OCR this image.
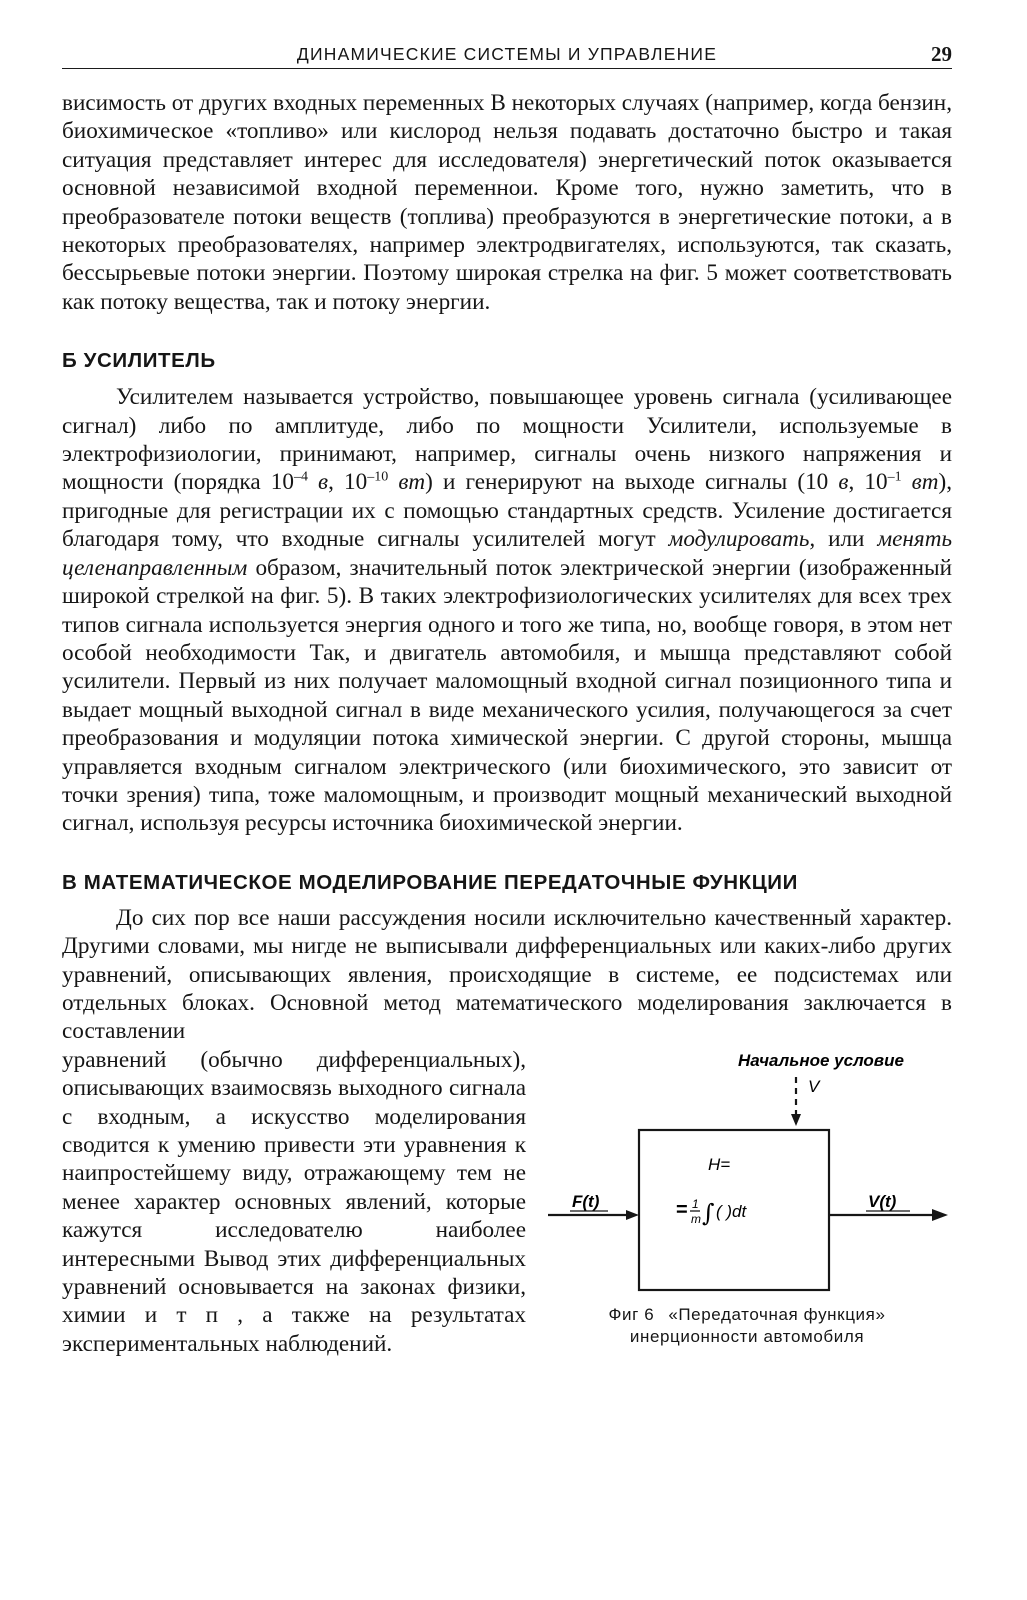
ДИНАМИЧЕСКИЕ СИСТЕМЫ И УПРАВЛЕНИЕ	29

висимость от других входных переменных В некоторых случаях (например, когда бензин, биохимическое «топливо» или кислород нельзя подавать достаточно быстро и такая ситуация представляет интерес для исследователя) энергетический поток оказывается основной независимой входной переменнои. Кроме того, нужно заметить, что в преобразователе потоки веществ (топлива) преобразуются в энергетические потоки, а в некоторых преобразователях, например электродвигателях, используются, так сказать, бессырьевые потоки энергии. Поэтому широкая стрелка на фиг. 5 может соответствовать как потоку вещества, так и потоку энергии.

Б УСИЛИТЕЛЬ

Усилителем называется устройство, повышающее уровень сигнала (усиливающее сигнал) либо по амплитуде, либо по мощности Усилители, используемые в электрофизиологии, принимают, например, сигналы очень низкого напряжения и мощности (порядка $10^{-4}$ в, $10^{-10}$ вт) и генерируют на выходе сигналы (10 в, $10^{-1}$ вт), пригодные для регистрации их с помощью стандартных средств. Усиление достигается благодаря тому, что входные сигналы усилителей могут модулировать, или менять целенаправленным образом, значительный поток электрической энергии (изображенный широкой стрелкой на фиг. 5). В таких электрофизиологических усилителях для всех трех типов сигнала используется энергия одного и того же типа, но, вообще говоря, в этом нет особой необходимости Так, и двигатель автомобиля, и мышца представляют собой усилители. Первый из них получает маломощный входной сигнал позиционного типа и выдает мощный выходной сигнал в виде механического усилия, получающегося за счет преобразования и модуляции потока химической энергии. С другой стороны, мышца управляется входным сигналом электрического (или биохимического, это зависит от точки зрения) типа, тоже маломощным, и производит мощный механический выходной сигнал, используя ресурсы источника биохимической энергии.

В МАТЕМАТИЧЕСКОЕ МОДЕЛИРОВАНИЕ ПЕРЕДАТОЧНЫЕ ФУНКЦИИ

До сих пор все наши рассуждения носили исключительно качественный характер. Другими словами, мы нигде не выписывали дифференциальных или каких-либо других уравнений, описывающих явления, происходящие в системе, ее подсистемах или отдельных блоках. Основной метод математического моделирования заключается в составлении

уравнений (обычно дифференциальных), описывающих взаимосвязь выходного сигнала с входным, а искусство моделирования сводится к умению привести эти уравнения к наипростейшему виду, отражающему тем не менее характер основных явлений, которые кажутся исследователю наиболее интересными Вывод этих дифференциальных уравнений основывается на законах физики, химии и т п , а также на результатах экспериментальных наблюдений.

Начальное условие
V
H=
= 1
m ∫ ( )dt
F(t)	V(t)
Фиг 6 «Передаточная функция» инерционности автомобиля
